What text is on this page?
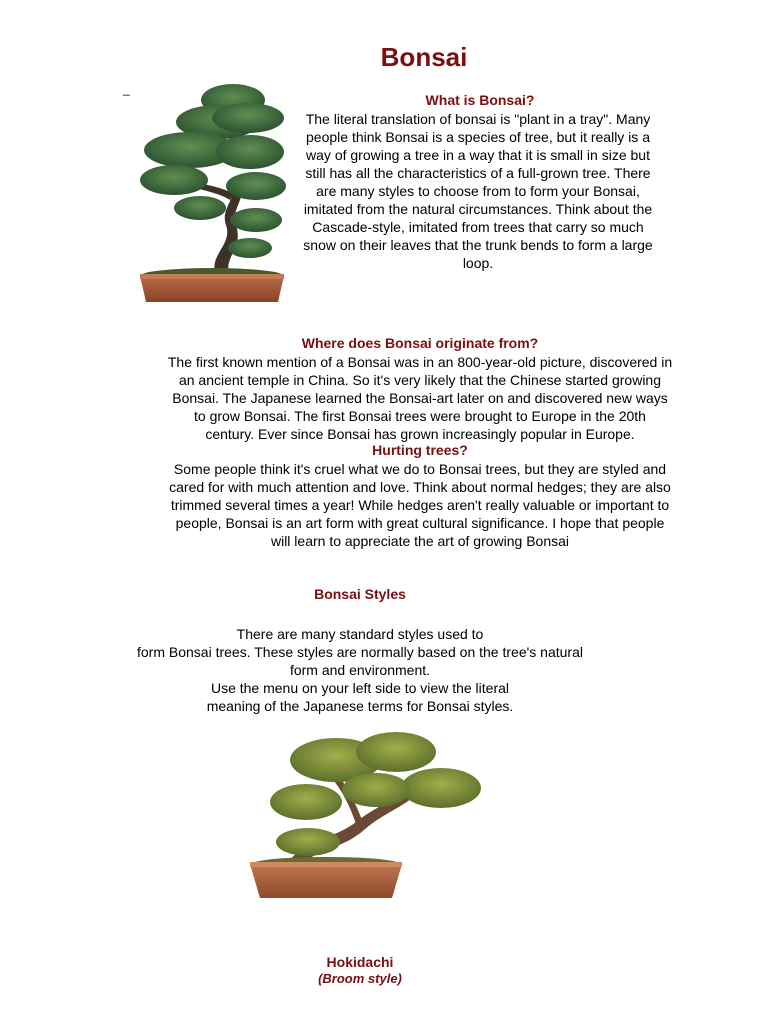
Bonsai
_
What is Bonsai?
The literal translation of bonsai is "plant in a tray". Many
people think Bonsai is a species of tree, but it really is a
way of growing a tree in a way that it is small in size but
still has all the characteristics of a full-grown tree. There
are many styles to choose from to form your Bonsai,
imitated from the natural circumstances. Think about the
Cascade-style, imitated from trees that carry so much
snow on their leaves that the trunk bends to form a large
loop.
Where does Bonsai originate from?
The first known mention of a Bonsai was in an 800-year-old picture, discovered in
an ancient temple in China. So it's very likely that the Chinese started growing
Bonsai. The Japanese learned the Bonsai-art later on and discovered new ways
to grow Bonsai. The first Bonsai trees were brought to Europe in the 20th
century. Ever since Bonsai has grown increasingly popular in Europe.
Hurting trees?
Some people think it's cruel what we do to Bonsai trees, but they are styled and
cared for with much attention and love. Think about normal hedges; they are also
trimmed several times a year! While hedges aren't really valuable or important to
people, Bonsai is an art form with great cultural significance. I hope that people
will learn to appreciate the art of growing Bonsai
Bonsai Styles
There are many standard styles used to
form Bonsai trees. These styles are normally based on the tree's natural
form and environment.
Use the menu on your left side to view the literal
meaning of the Japanese terms for Bonsai styles.
Hokidachi
(Broom style)
